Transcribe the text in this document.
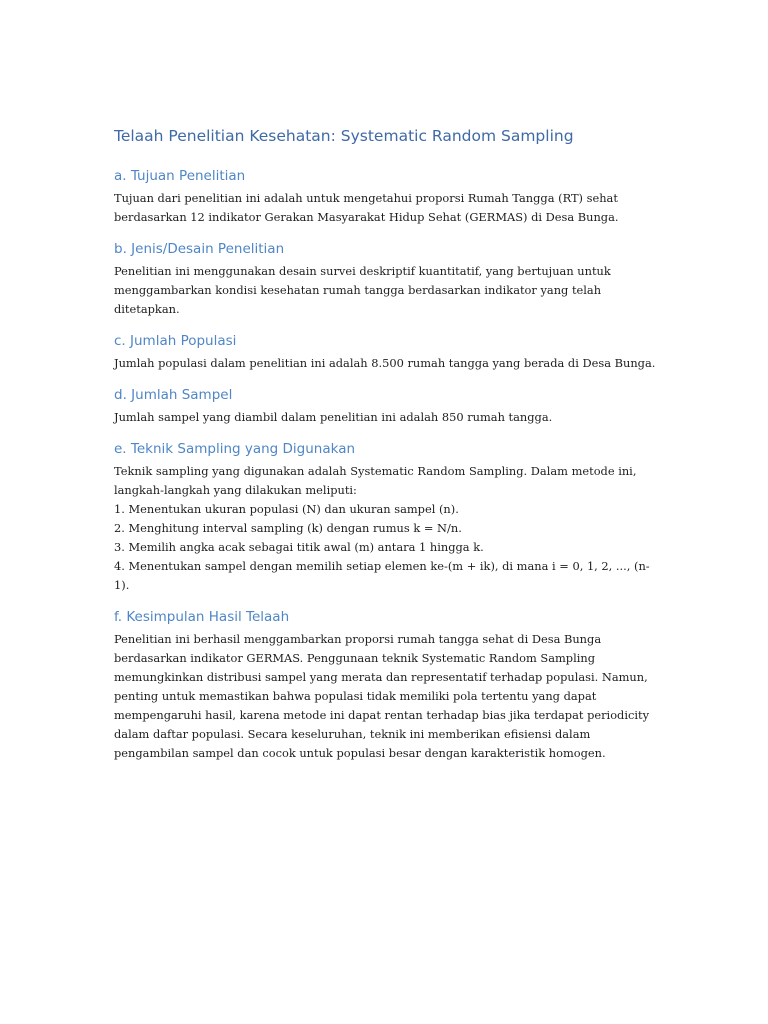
Telaah Penelitian Kesehatan: Systematic Random Sampling
a. Tujuan Penelitian

Tujuan dari penelitian ini adalah untuk mengetahui proporsi Rumah Tangga (RT) sehat berdasarkan 12 indikator Gerakan Masyarakat Hidup Sehat (GERMAS) di Desa Bunga.

b. Jenis/Desain Penelitian

Penelitian ini menggunakan desain survei deskriptif kuantitatif, yang bertujuan untuk menggambarkan kondisi kesehatan rumah tangga berdasarkan indikator yang telah ditetapkan.

c. Jumlah Populasi

Jumlah populasi dalam penelitian ini adalah 8.500 rumah tangga yang berada di Desa Bunga.

d. Jumlah Sampel

Jumlah sampel yang diambil dalam penelitian ini adalah 850 rumah tangga.

e. Teknik Sampling yang Digunakan

Teknik sampling yang digunakan adalah Systematic Random Sampling. Dalam metode ini, langkah-langkah yang dilakukan meliputi:

1. Menentukan ukuran populasi (N) dan ukuran sampel (n).

2. Menghitung interval sampling (k) dengan rumus k = N/n.

3. Memilih angka acak sebagai titik awal (m) antara 1 hingga k.

4. Menentukan sampel dengan memilih setiap elemen ke-(m + ik), di mana i = 0, 1, 2, ..., (n-1).

f. Kesimpulan Hasil Telaah

Penelitian ini berhasil menggambarkan proporsi rumah tangga sehat di Desa Bunga berdasarkan indikator GERMAS. Penggunaan teknik Systematic Random Sampling memungkinkan distribusi sampel yang merata dan representatif terhadap populasi. Namun, penting untuk memastikan bahwa populasi tidak memiliki pola tertentu yang dapat mempengaruhi hasil, karena metode ini dapat rentan terhadap bias jika terdapat periodicity dalam daftar populasi. Secara keseluruhan, teknik ini memberikan efisiensi dalam pengambilan sampel dan cocok untuk populasi besar dengan karakteristik homogen.
